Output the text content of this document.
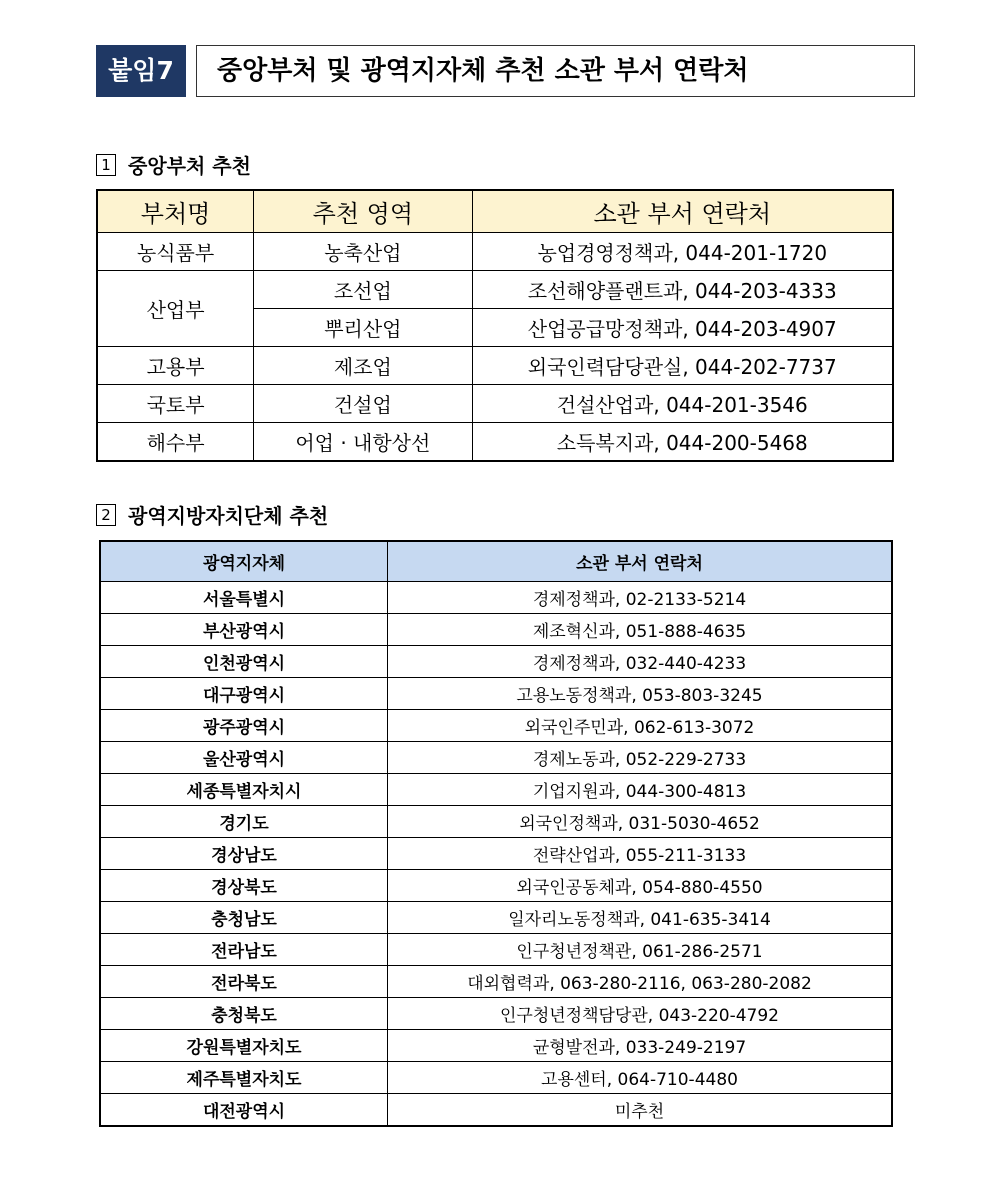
붙임7	중앙부처 및 광역지자체 추천 소관 부서 연락처
1 중앙부처 추천
부처명	추천 영역	소관 부서 연락처
농식품부	농축산업	농업경영정책과, 044-201-1720
산업부	조선업	조선해양플랜트과, 044-203-4333
	뿌리산업	산업공급망정책과, 044-203-4907
고용부	제조업	외국인력담당관실, 044-202-7737
국토부	건설업	건설산업과, 044-201-3546
해수부	어업 · 내항상선	소득복지과, 044-200-5468
2 광역지방자치단체 추천
광역지자체	소관 부서 연락처
서울특별시	경제정책과, 02-2133-5214
부산광역시	제조혁신과, 051-888-4635
인천광역시	경제정책과, 032-440-4233
대구광역시	고용노동정책과, 053-803-3245
광주광역시	외국인주민과, 062-613-3072
울산광역시	경제노동과, 052-229-2733
세종특별자치시	기업지원과, 044-300-4813
경기도	외국인정책과, 031-5030-4652
경상남도	전략산업과, 055-211-3133
경상북도	외국인공동체과, 054-880-4550
충청남도	일자리노동정책과, 041-635-3414
전라남도	인구청년정책관, 061-286-2571
전라북도	대외협력과, 063-280-2116, 063-280-2082
충청북도	인구청년정책담당관, 043-220-4792
강원특별자치도	균형발전과, 033-249-2197
제주특별자치도	고용센터, 064-710-4480
대전광역시	미추천
